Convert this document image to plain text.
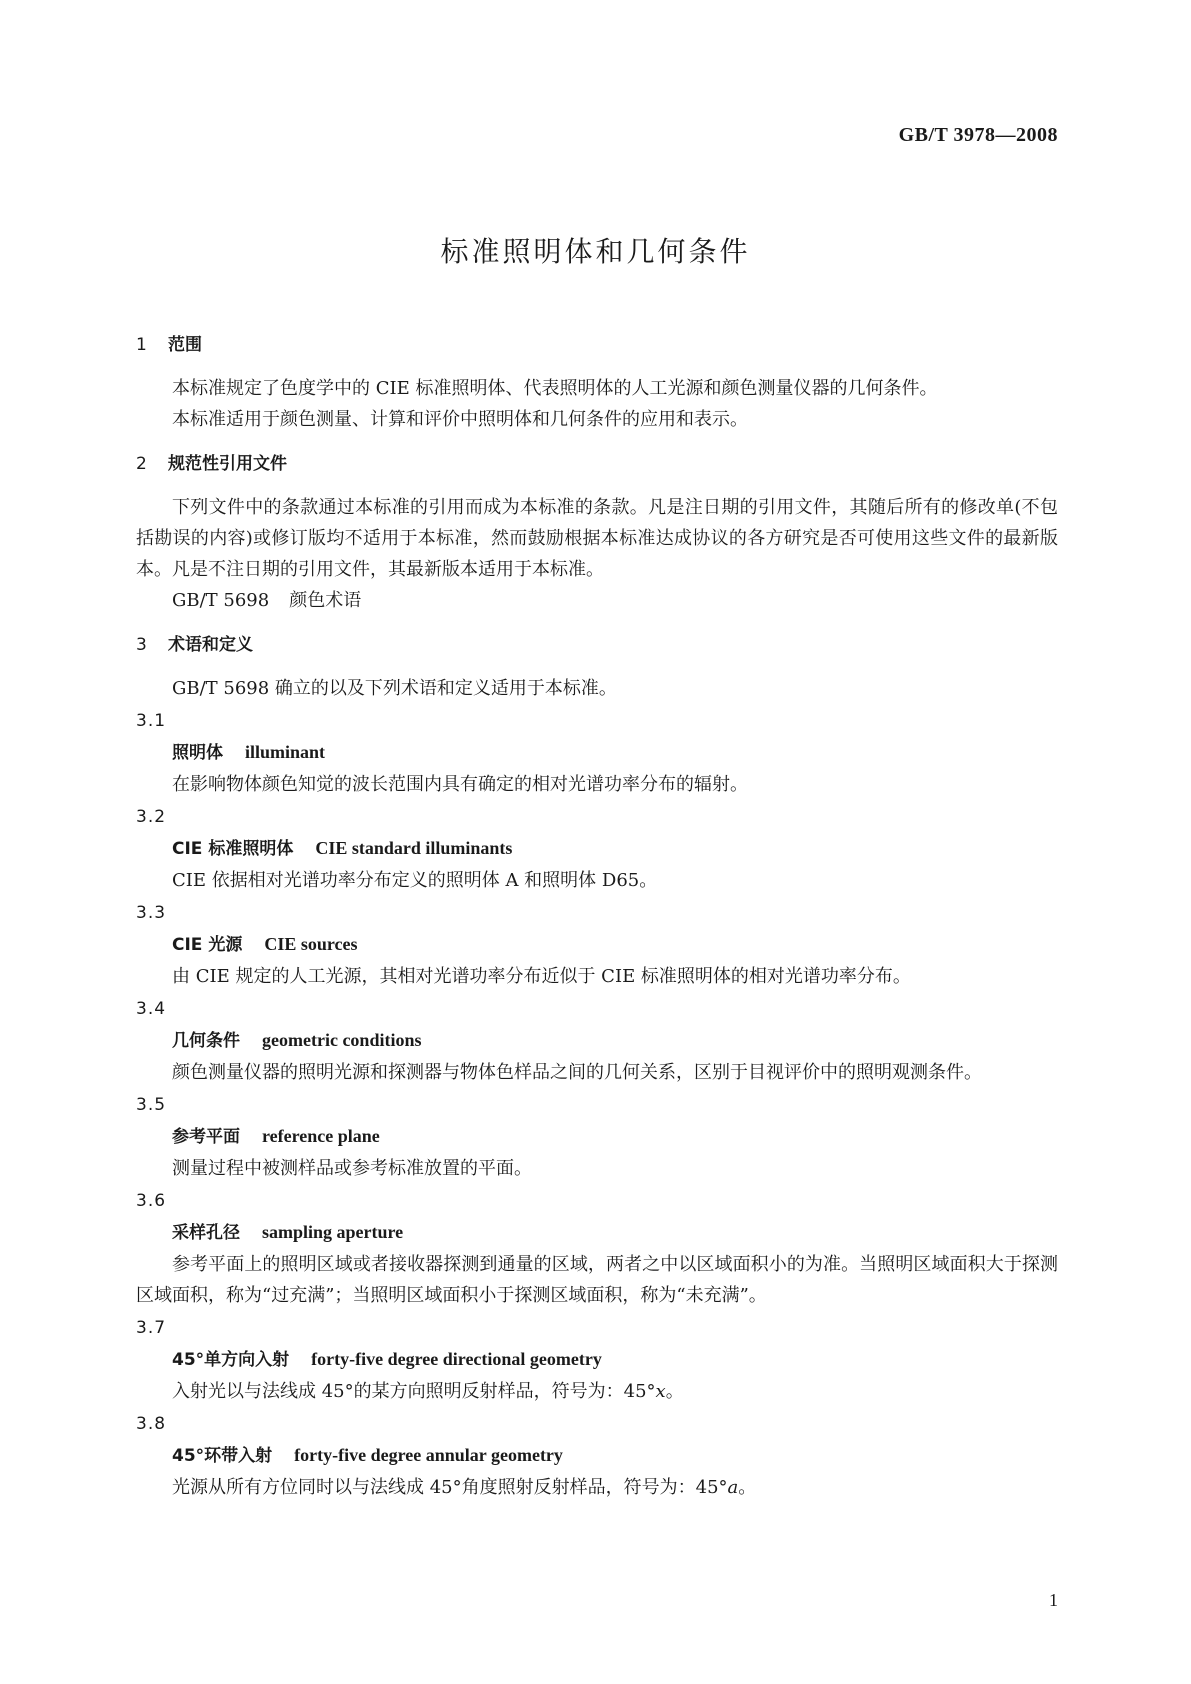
GB/T 3978—2008
标准照明体和几何条件
1 范围
本标准规定了色度学中的 CIE 标准照明体、代表照明体的人工光源和颜色测量仪器的几何条件。
本标准适用于颜色测量、计算和评价中照明体和几何条件的应用和表示。
2 规范性引用文件
下列文件中的条款通过本标准的引用而成为本标准的条款。凡是注日期的引用文件，其随后所有的修改单(不包括勘误的内容)或修订版均不适用于本标准，然而鼓励根据本标准达成协议的各方研究是否可使用这些文件的最新版本。凡是不注日期的引用文件，其最新版本适用于本标准。
GB/T 5698 颜色术语
3 术语和定义
GB/T 5698 确立的以及下列术语和定义适用于本标准。
3.1
照明体 illuminant
在影响物体颜色知觉的波长范围内具有确定的相对光谱功率分布的辐射。
3.2
CIE 标准照明体 CIE standard illuminants
CIE 依据相对光谱功率分布定义的照明体 A 和照明体 D65。
3.3
CIE 光源 CIE sources
由 CIE 规定的人工光源，其相对光谱功率分布近似于 CIE 标准照明体的相对光谱功率分布。
3.4
几何条件 geometric conditions
颜色测量仪器的照明光源和探测器与物体色样品之间的几何关系，区别于目视评价中的照明观测条件。
3.5
参考平面 reference plane
测量过程中被测样品或参考标准放置的平面。
3.6
采样孔径 sampling aperture
参考平面上的照明区域或者接收器探测到通量的区域，两者之中以区域面积小的为准。当照明区域面积大于探测区域面积，称为“过充满”；当照明区域面积小于探测区域面积，称为“未充满”。
3.7
45°单方向入射 forty-five degree directional geometry
入射光以与法线成 45°的某方向照明反射样品，符号为：45°x。
3.8
45°环带入射 forty-five degree annular geometry
光源从所有方位同时以与法线成 45°角度照射反射样品，符号为：45°a。
1
